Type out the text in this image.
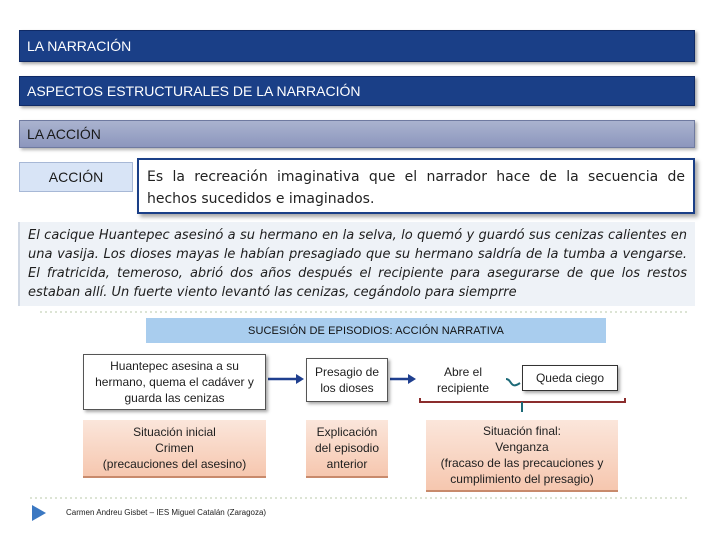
LA NARRACIÓN
ASPECTOS ESTRUCTURALES DE LA NARRACIÓN
LA ACCIÓN
ACCIÓN	Es la recreación imaginativa que el narrador hace de la secuencia de hechos sucedidos e imaginados.
El cacique Huantepec asesinó a su hermano en la selva, lo quemó y guardó sus cenizas calientes en una vasija. Los dioses mayas le habían presagiado que su hermano saldría de la tumba a vengarse. El fratricida, temeroso, abrió dos años después el recipiente para asegurarse de que los restos estaban allí. Un fuerte viento levantó las cenizas, cegándolo para siemprre
SUCESIÓN DE EPISODIOS: ACCIÓN NARRATIVA
Huantepec asesina a su hermano, quema el cadáver y guarda las cenizas
Presagio de los dioses
Abre el recipiente
Queda ciego
Situación inicial
Crimen
(precauciones del asesino)
Explicación del episodio anterior
Situación final:
Venganza
(fracaso de las precauciones y cumplimiento del presagio)
Carmen Andreu Gisbet – IES Miguel Catalán (Zaragoza)
